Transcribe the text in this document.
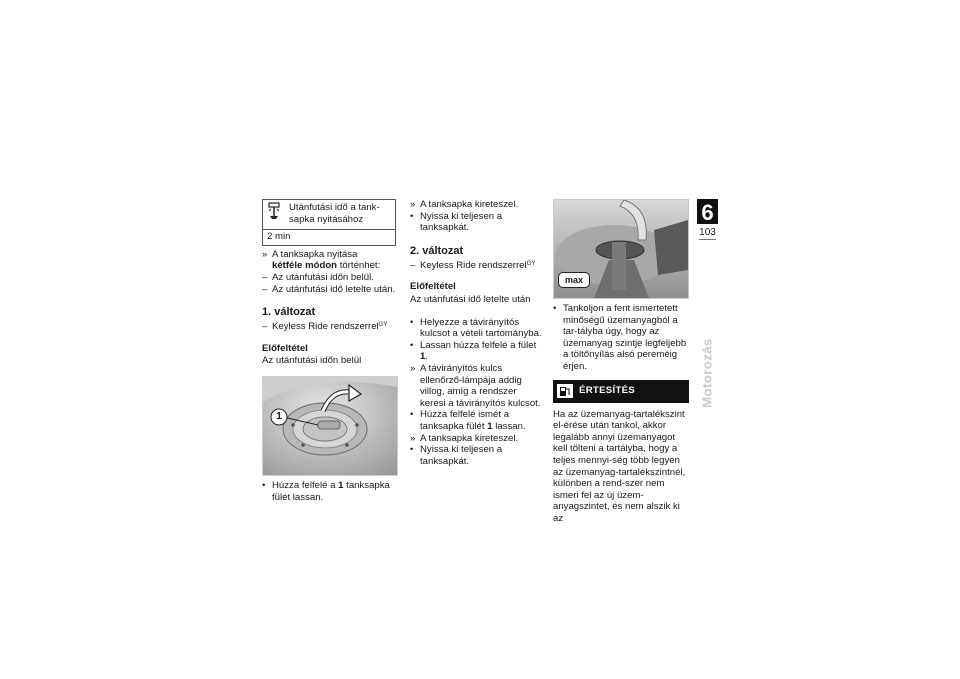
Utánfutási idő a tank-sapka nyitásához
2 min
» A tanksapka nyitása
kétféle módon történhet:
– Az utánfutási időn belül.
– Az utánfutási idő letelte után.
1. változat
– Keyless Ride rendszerrel$^{GY}$
Előfeltétel
Az utánfutási időn belül
1
• Húzza felfelé a 1 tanksapka fülét lassan.
» A tanksapka kireteszel.
• Nyissa ki teljesen a tanksapkát.
2. változat
– Keyless Ride rendszerrel$^{GY}$
Előfeltétel
Az utánfutási idő letelte után
• Helyezze a távirányítós kulcsot a vételi tartományba.
• Lassan húzza felfelé a fület 1.
» A távirányítós kulcs ellenőrző-lámpája addig villog, amíg a rendszer keresi a távirányítós kulcsot.
• Húzza felfelé ismét a tanksapka fülét 1 lassan.
» A tanksapka kireteszel.
• Nyissa ki teljesen a tanksapkát.
max
• Tankoljon a fent ismertetett minőségű üzemanyagból a tar-tályba úgy, hogy az üzemanyag szintje legfeljebb a töltőnyílás alsó pereméig érjen.
ÉRTESÍTÉS
Ha az üzemanyag-tartalékszint el-érése után tankol, akkor legalább annyi üzemanyagot kell tölteni a tartályba, hogy a teljes mennyi-ség több legyen az üzemanyag-tartalékszintnél, különben a rend-szer nem ismeri fel az új üzem-anyagszintet, és nem alszik ki az
6
103
Motorozás
